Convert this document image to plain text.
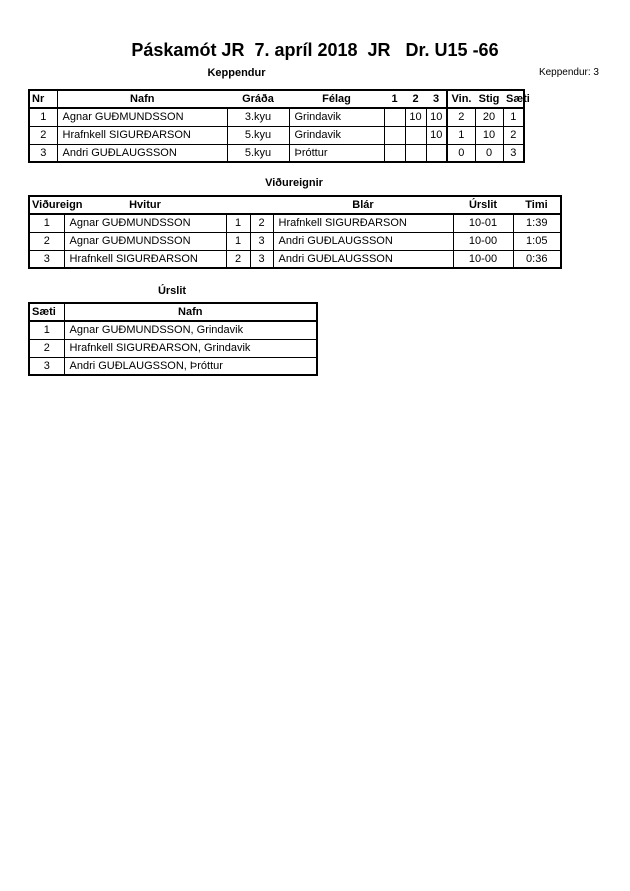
Páskamót JR  7. apríl 2018  JR   Dr. U15 -66
Keppendur	Keppendur: 3
Nr	Nafn	Gráða	Félag	1	2	3	Vin.	Stig	Sæti
1	Agnar GUÐMUNDSSON	3.kyu	Grindavik		10	10	2	20	1
2	Hrafnkell SIGURÐARSON	5.kyu	Grindavik			10	1	10	2
3	Andri GUÐLAUGSSON	5.kyu	Þróttur				0	0	3
Viðureignir
Viðureign	Hvitur			Blár	Úrslit	Timi
1	Agnar GUÐMUNDSSON	1	2	Hrafnkell SIGURÐARSON	10-01	1:39
2	Agnar GUÐMUNDSSON	1	3	Andri GUÐLAUGSSON	10-00	1:05
3	Hrafnkell SIGURÐARSON	2	3	Andri GUÐLAUGSSON	10-00	0:36
Úrslit
Sæti	Nafn
1	Agnar GUÐMUNDSSON, Grindavik
2	Hrafnkell SIGURÐARSON, Grindavik
3	Andri GUÐLAUGSSON, Þróttur
